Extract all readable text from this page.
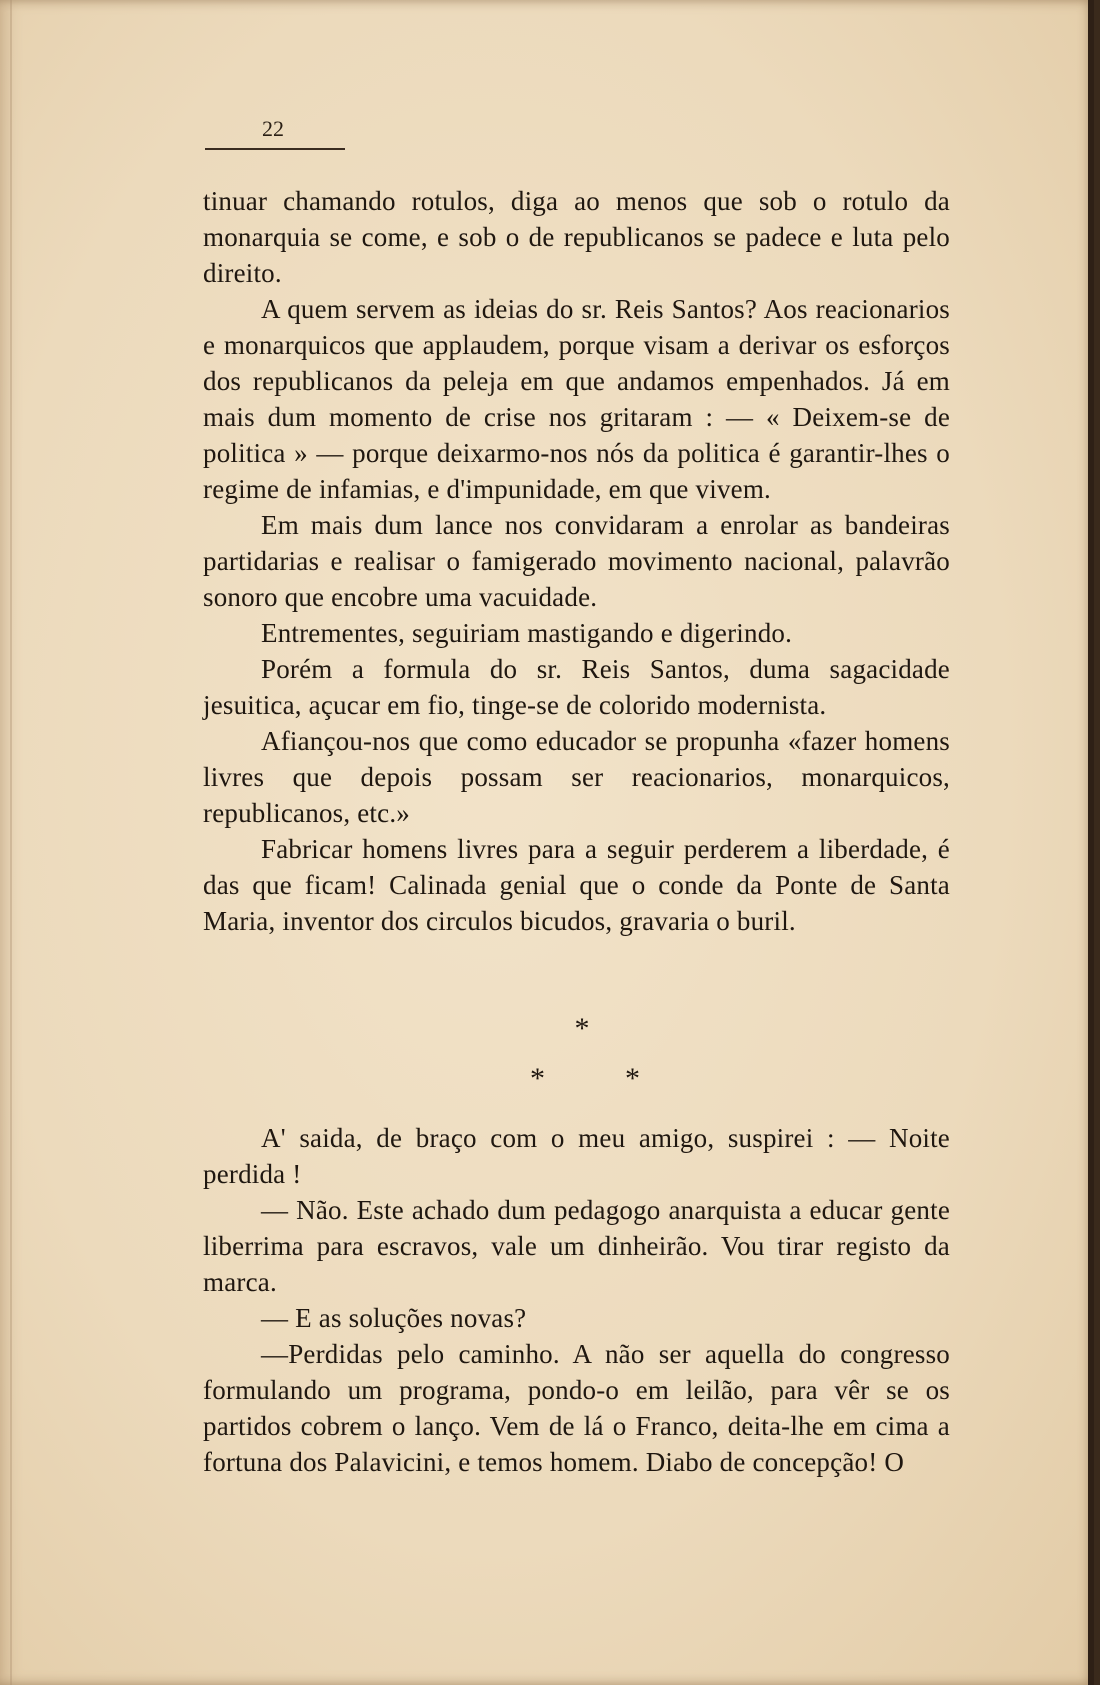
22

tinuar chamando rotulos, diga ao menos que sob o rotulo da monarquia se come, e sob o de republicanos se padece e luta pelo direito.

A quem servem as ideias do sr. Reis Santos? Aos reacionarios e monarquicos que applaudem, porque visam a derivar os esforços dos republicanos da peleja em que andamos empenhados. Já em mais dum momento de crise nos gritaram : — « Deixem-se de politica » — porque deixarmo-nos nós da politica é garantir-lhes o regime de infamias, e d'impunidade, em que vivem.

Em mais dum lance nos convidaram a enrolar as bandeiras partidarias e realisar o famigerado movimento nacional, palavrão sonoro que encobre uma vacuidade.

Entrementes, seguiriam mastigando e digerindo.

Porém a formula do sr. Reis Santos, duma sagacidade jesuitica, açucar em fio, tinge-se de colorido modernista.

Afiançou-nos que como educador se propunha «fazer homens livres que depois possam ser reacionarios, monarquicos, republicanos, etc.»

Fabricar homens livres para a seguir perderem a liberdade, é das que ficam! Calinada genial que o conde da Ponte de Santa Maria, inventor dos circulos bicudos, gravaria o buril.

*
*	*

A' saida, de braço com o meu amigo, suspirei : — Noite perdida !

— Não. Este achado dum pedagogo anarquista a educar gente liberrima para escravos, vale um dinheirão. Vou tirar registo da marca.

— E as soluções novas?

—Perdidas pelo caminho. A não ser aquella do congresso formulando um programa, pondo-o em leilão, para vêr se os partidos cobrem o lanço. Vem de lá o Franco, deita-lhe em cima a fortuna dos Palavicini, e temos homem. Diabo de concepção! O
